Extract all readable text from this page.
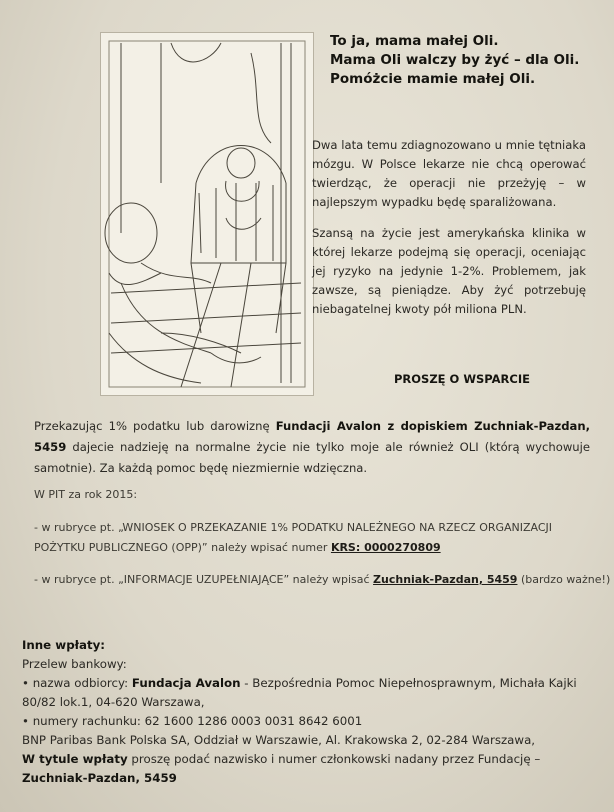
To ja, mama małej Oli.
Mama Oli walczy by żyć – dla Oli.
Pomóżcie mamie małej Oli.

Dwa lata temu zdiagnozowano u mnie tętniaka mózgu. W Polsce lekarze nie chcą operować twierdząc, że operacji nie przeżyję – w najlepszym wypadku będę sparaliżowana.

Szansą na życie jest amerykańska klinika w której lekarze podejmą się operacji, oceniając jej ryzyko na jedynie 1-2%. Problemem, jak zawsze, są pieniądze. Aby żyć potrzebuję niebagatelnej kwoty pół miliona PLN.

PROSZĘ O WSPARCIE
Przekazując 1% podatku lub darowiznę Fundacji Avalon z dopiskiem Zuchniak-Pazdan, 5459 dajecie nadzieję na normalne życie nie tylko moje ale również OLI (którą wychowuje samotnie). Za każdą pomoc będę niezmiernie wdzięczna.
W PIT za rok 2015:
- w rubryce pt. „WNIOSEK O PRZEKAZANIE 1% PODATKU NALEŻNEGO NA RZECZ ORGANIZACJI POŻYTKU PUBLICZNEGO (OPP)” należy wpisać numer KRS: 0000270809
- w rubryce pt. „INFORMACJE UZUPEŁNIAJĄCE” należy wpisać Zuchniak-Pazdan, 5459 (bardzo ważne!)
Inne wpłaty:
Przelew bankowy:
• nazwa odbiorcy: Fundacja Avalon - Bezpośrednia Pomoc Niepełnosprawnym, Michała Kajki
80/82 lok.1, 04-620 Warszawa,
• numery rachunku: 62 1600 1286 0003 0031 8642 6001
BNP Paribas Bank Polska SA, Oddział w Warszawie, Al. Krakowska 2, 02-284 Warszawa,
W tytule wpłaty proszę podać nazwisko i numer członkowski nadany przez Fundację –
Zuchniak-Pazdan, 5459
